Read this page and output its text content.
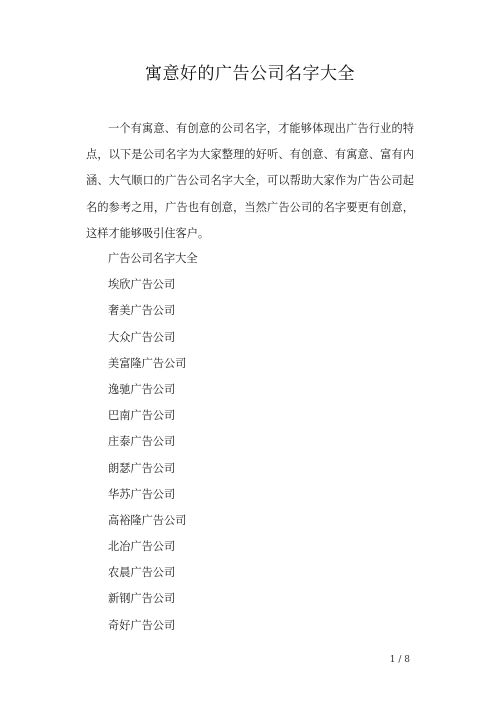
寓意好的广告公司名字大全

一个有寓意、有创意的公司名字，才能够体现出广告行业的特点，以下是公司名字为大家整理的好听、有创意、有寓意、富有内涵、大气顺口的广告公司名字大全，可以帮助大家作为广告公司起名的参考之用，广告也有创意，当然广告公司的名字要更有创意，这样才能够吸引住客户。

广告公司名字大全

埃欣广告公司
奢美广告公司
大众广告公司
美富隆广告公司
逸驰广告公司
巴南广告公司
庄泰广告公司
朗瑟广告公司
华苏广告公司
高裕隆广告公司
北冶广告公司
农晨广告公司
新钢广告公司
奇好广告公司
1 / 8
